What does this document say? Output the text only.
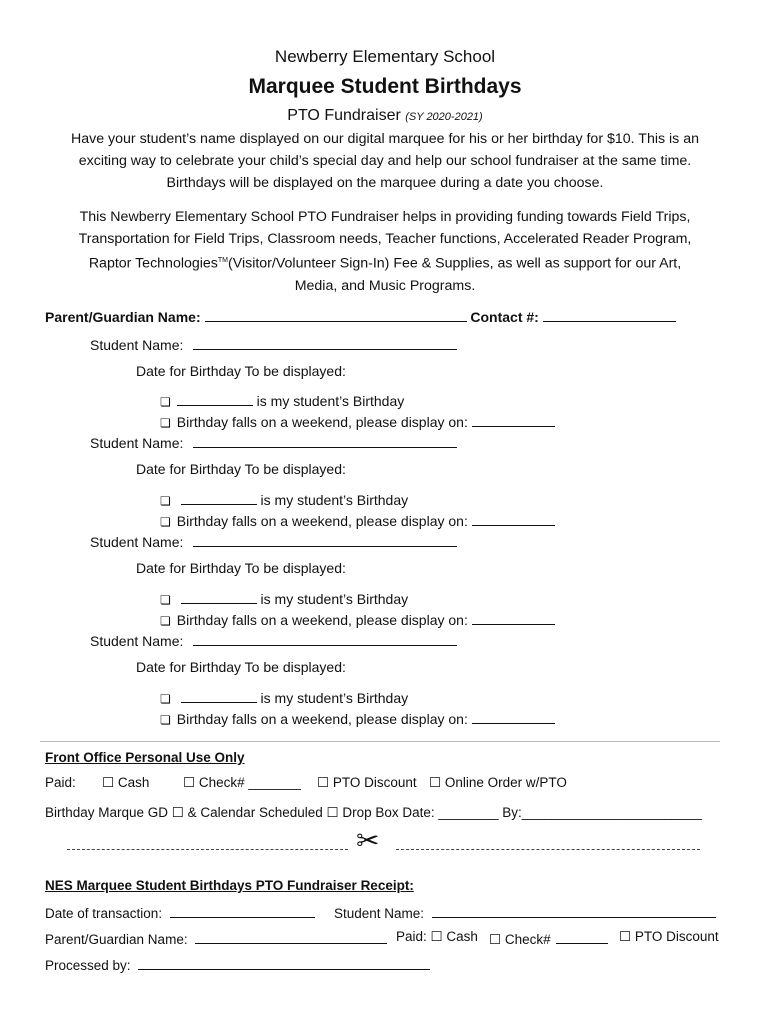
Newberry Elementary School
Marquee Student Birthdays
PTO Fundraiser (SY 2020-2021)
Have your student’s name displayed on our digital marquee for his or her birthday for $10. This is an
exciting way to celebrate your child’s special day and help our school fundraiser at the same time.
Birthdays will be displayed on the marquee during a date you choose.
This Newberry Elementary School PTO Fundraiser helps in providing funding towards Field Trips,
Transportation for Field Trips, Classroom needs, Teacher functions, Accelerated Reader Program,
Raptor Technologies™(Visitor/Volunteer Sign-In) Fee & Supplies, as well as support for our Art,
Media, and Music Programs.
Parent/Guardian Name:	Contact #:
Student Name:
Date for Birthday To be displayed:
❏	is my student’s Birthday
❏ Birthday falls on a weekend, please display on:
Student Name:
Date for Birthday To be displayed:
❏	is my student’s Birthday
❏ Birthday falls on a weekend, please display on:
Student Name:
Date for Birthday To be displayed:
❏	is my student’s Birthday
❏ Birthday falls on a weekend, please display on:
Student Name:
Date for Birthday To be displayed:
❏	is my student’s Birthday
❏ Birthday falls on a weekend, please display on:
Front Office Personal Use Only
Paid: ☐ Cash ☐ Check# _______ ☐ PTO Discount ☐ Online Order w/PTO
Birthday Marque GD ☐ & Calendar Scheduled ☐ Drop Box Date: ________ By:________________________
✂
NES Marquee Student Birthdays PTO Fundraiser Receipt:
Date of transaction:	Student Name:
Parent/Guardian Name:	Paid: ☐ Cash ☐ Check#	☐ PTO Discount
Processed by:
